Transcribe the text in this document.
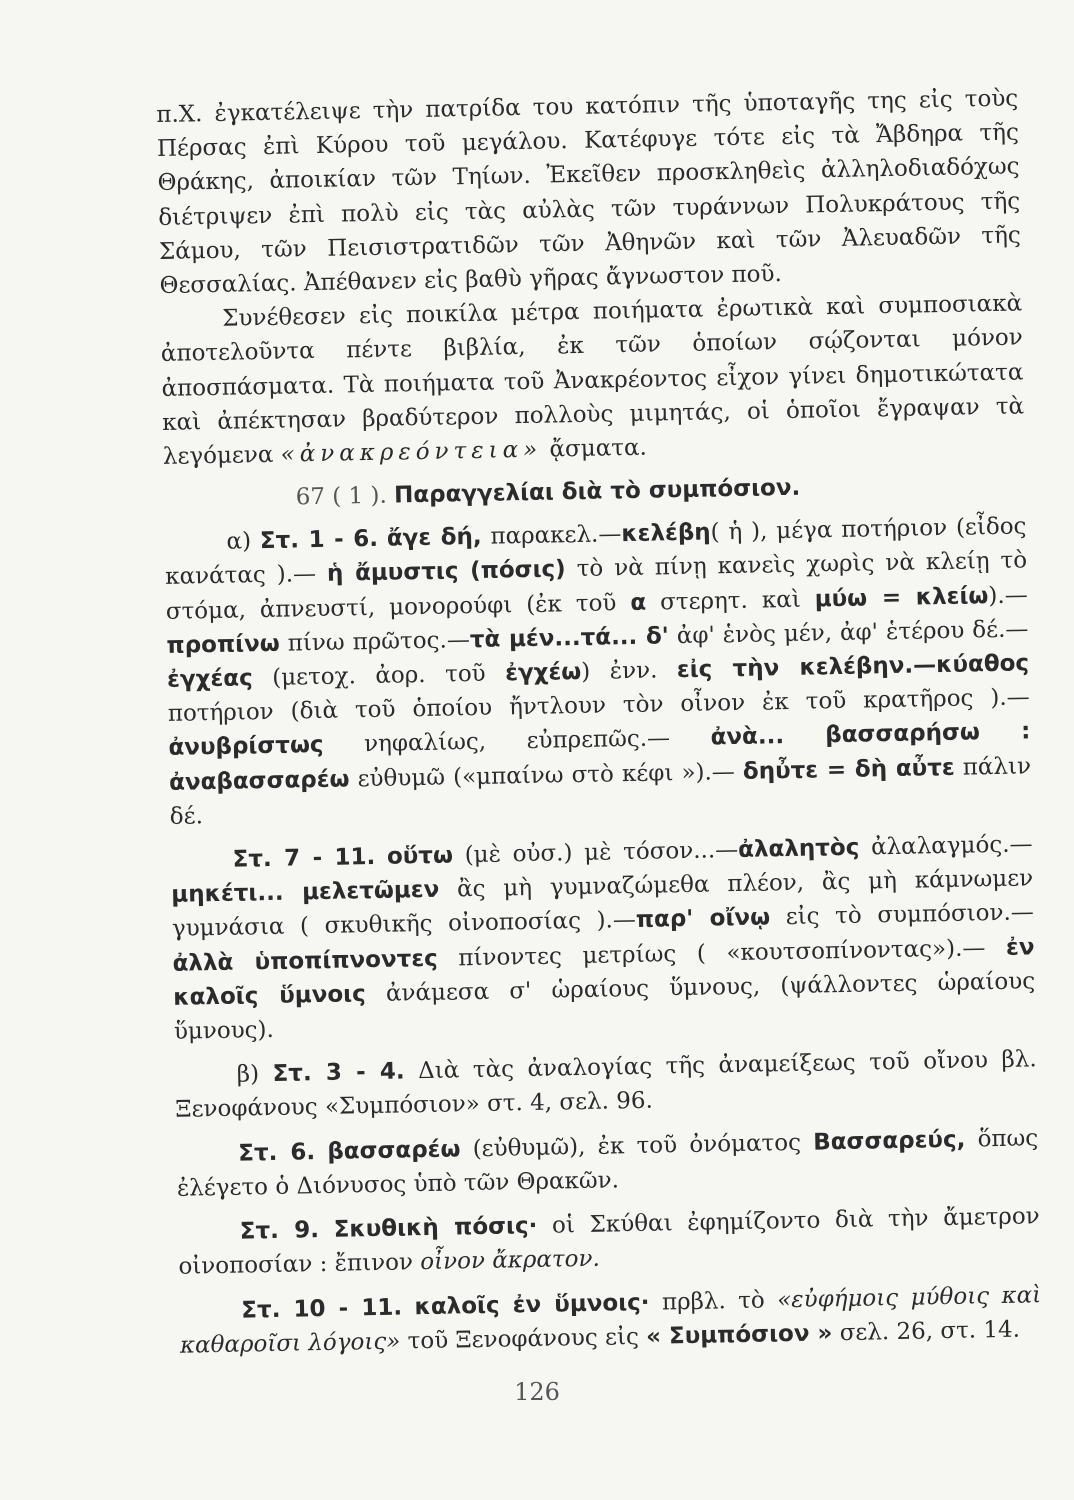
π.Χ. ἐγκατέλειψε τὴν πατρίδα του κατόπιν τῆς ὑποταγῆς της εἰς τοὺς Πέρσας ἐπὶ Κύρου τοῦ μεγάλου. Κατέφυγε τότε εἰς τὰ Ἄβδηρα τῆς Θράκης, ἀποικίαν τῶν Τηίων. Ἐκεῖθεν προσκληθεὶς ἀλληλοδιαδόχως διέτριψεν ἐπὶ πολὺ εἰς τὰς αὐλὰς τῶν τυράννων Πολυκράτους τῆς Σάμου, τῶν Πεισιστρατιδῶν τῶν Ἀθηνῶν καὶ τῶν Ἀλευαδῶν τῆς Θεσσαλίας. Ἀπέθανεν εἰς βαθὺ γῆρας ἄγνωστον ποῦ.

Συνέθεσεν εἰς ποικίλα μέτρα ποιήματα ἐρωτικὰ καὶ συμποσιακὰ ἀποτελοῦντα πέντε βιβλία, ἐκ τῶν ὁποίων σῴζονται μόνον ἀποσπάσματα. Τὰ ποιήματα τοῦ Ἀνακρέοντος εἶχον γίνει δημοτικώτατα καὶ ἀπέκτησαν βραδύτερον πολλοὺς μιμητάς, οἱ ὁποῖοι ἔγραψαν τὰ λεγόμενα «ἀνακρεόντεια» ᾄσματα.

67 ( 1 ). Παραγγελίαι διὰ τὸ συμπόσιον.

α) Στ. 1 - 6. ἄγε δή, παρακελ.—κελέβη( ἡ ), μέγα ποτήριον (εἶδος κανάτας ).— ἡ ἄμυστις (πόσις) τὸ νὰ πίνῃ κανεὶς χωρὶς νὰ κλείῃ τὸ στόμα, ἀπνευστί, μονορούφι (ἐκ τοῦ α στερητ. καὶ μύω = κλείω).— προπίνω πίνω πρῶτος.—τὰ μέν...τά... δ' ἀφ' ἑνὸς μέν, ἀφ' ἑτέρου δέ.—ἐγχέας (μετοχ. ἀορ. τοῦ ἐγχέω) ἐνν. εἰς τὴν κελέβην.—κύαθος ποτήριον (διὰ τοῦ ὁποίου ἤντλουν τὸν οἶνον ἐκ τοῦ κρατῆρος ).— ἀνυβρίστως νηφαλίως, εὐπρεπῶς.— ἀνὰ... βασσαρήσω : ἀναβασσαρέω εὐθυμῶ («μπαίνω στὸ κέφι »).— δηὖτε = δὴ αὖτε πάλιν δέ.

Στ. 7 - 11. οὕτω (μὲ οὐσ.) μὲ τόσον...—ἀλαλητὸς ἀλαλαγμός.— μηκέτι... μελετῶμεν ἂς μὴ γυμναζώμεθα πλέον, ἂς μὴ κάμνωμεν γυμνάσια ( σκυθικῆς οἰνοποσίας ).—παρ' οἴνῳ εἰς τὸ συμπόσιον.— ἀλλὰ ὑποπίπνοντες πίνοντες μετρίως ( «κουτσοπίνοντας»).— ἐν καλοῖς ὕμνοις ἀνάμεσα σ' ὡραίους ὕμνους, (ψάλλοντες ὡραίους ὕμνους).

β) Στ. 3 - 4. Διὰ τὰς ἀναλογίας τῆς ἀναμείξεως τοῦ οἴνου βλ. Ξενοφάνους «Συμπόσιον» στ. 4, σελ. 96.

Στ. 6. βασσαρέω (εὐθυμῶ), ἐκ τοῦ ὀνόματος Βασσαρεύς, ὅπως ἐλέγετο ὁ Διόνυσος ὑπὸ τῶν Θρακῶν.

Στ. 9. Σκυθικὴ πόσις· οἱ Σκύθαι ἐφημίζοντο διὰ τὴν ἄμετρον οἰνοποσίαν : ἔπινον οἶνον ἄκρατον.

Στ. 10 - 11. καλοῖς ἐν ὕμνοις· πρβλ. τὸ «εὐφήμοις μύθοις καὶ καθαροῖσι λόγοις» τοῦ Ξενοφάνους εἰς « Συμπόσιον » σελ. 26, στ. 14.

126
